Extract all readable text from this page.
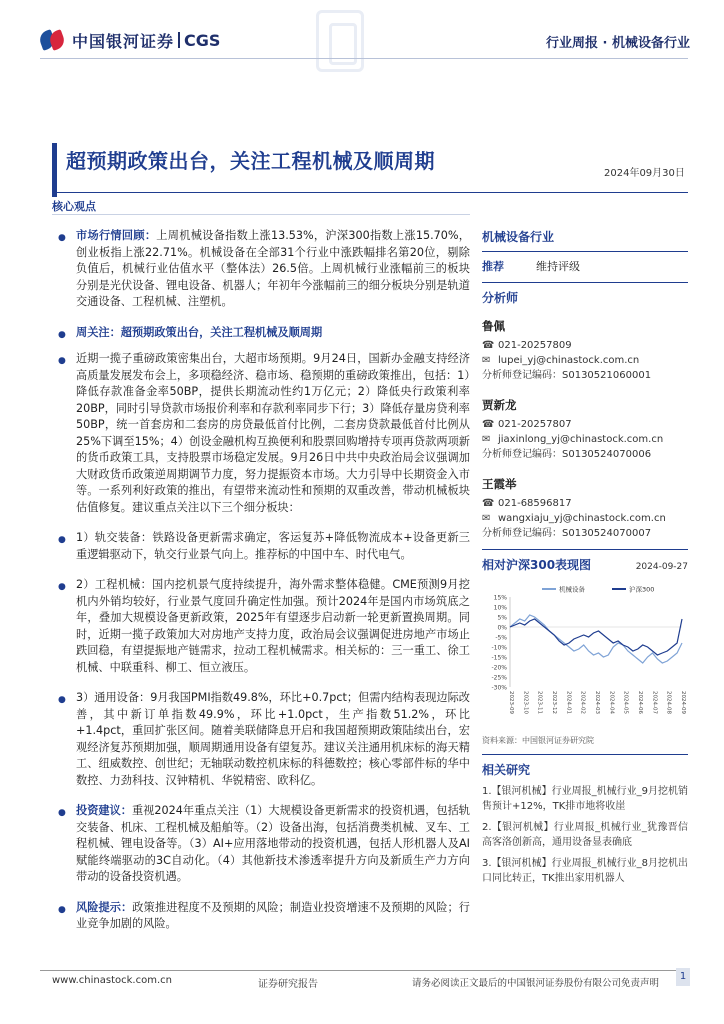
中国银河证券 CGS	行业周报 · 机械设备行业
超预期政策出台，关注工程机械及顺周期
2024年09月30日
核心观点
● 市场行情回顾：上周机械设备指数上涨13.53%，沪深300指数上涨15.70%，创业板指上涨22.71%。机械设备在全部31个行业中涨跌幅排名第20位，剔除负值后，机械行业估值水平（整体法）26.5倍。上周机械行业涨幅前三的板块分别是光伏设备、锂电设备、机器人；年初年今涨幅前三的细分板块分别是轨道交通设备、工程机械、注塑机。
● 周关注：超预期政策出台，关注工程机械及顺周期
● 近期一揽子重磅政策密集出台，大超市场预期。9月24日，国新办金融支持经济高质量发展发布会上，多项稳经济、稳市场、稳预期的重磅政策推出，包括：1）降低存款准备金率50BP，提供长期流动性约1万亿元；2）降低央行政策利率20BP，同时引导贷款市场报价利率和存款利率同步下行；3）降低存量房贷利率50BP，统一首套房和二套房的房贷最低首付比例，二套房贷款最低首付比例从25%下调至15%；4）创设金融机构互换便利和股票回购增持专项再贷款两项新的货币政策工具，支持股票市场稳定发展。9月26日中共中央政治局会议强调加大财政货币政策逆周期调节力度，努力提振资本市场。大力引导中长期资金入市等。一系列利好政策的推出，有望带来流动性和预期的双重改善，带动机械板块估值修复。建议重点关注以下三个细分板块：
● 1）轨交装备：铁路设备更新需求确定，客运复苏+降低物流成本+设备更新三重逻辑驱动下，轨交行业景气向上。推荐标的中国中车、时代电气。
● 2）工程机械：国内挖机景气度持续提升，海外需求整体稳健。CME预测9月挖机内外销均较好，行业景气度回升确定性加强。预计2024年是国内市场筑底之年，叠加大规模设备更新政策，2025年有望逐步启动新一轮更新置换周期。同时，近期一揽子政策加大对房地产支持力度，政治局会议强调促进房地产市场止跌回稳，有望提振地产链需求，拉动工程机械需求。相关标的：三一重工、徐工机械、中联重科、柳工、恒立液压。
● 3）通用设备：9月我国PMI指数49.8%，环比+0.7pct；但需内结构表现边际改善，其中新订单指数49.9%，环比+1.0pct，生产指数51.2%，环比+1.4pct，重回扩张区间。随着美联储降息开启和我国超预期政策陆续出台，宏观经济复苏预期加强，顺周期通用设备有望复苏。建议关注通用机床标的海天精工、纽威数控、创世纪；无轴联动数控机床标的科德数控；核心零部件标的华中数控、力劲科技、汉钟精机、华锐精密、欧科亿。
● 投资建议：重视2024年重点关注（1）大规模设备更新需求的投资机遇，包括轨交装备、机床、工程机械及船舶等。（2）设备出海，包括消费类机械、叉车、工程机械、锂电设备等。（3）AI+应用落地带动的投资机遇，包括人形机器人及AI赋能终端驱动的3C自动化。（4）其他新技术渗透率提升方向及新质生产力方向带动的设备投资机遇。
● 风险提示：政策推进程度不及预期的风险；制造业投资增速不及预期的风险；行业竞争加剧的风险。
机械设备行业
推荐	维持评级
分析师
鲁佩
☎ 021-20257809
✉ lupei_yj@chinastock.com.cn
分析师登记编码：S0130521060001
贾新龙
☎ 021-20257807
✉ jiaxinlong_yj@chinastock.com.cn
分析师登记编码：S0130524070006
王霞举
☎ 021-68596817
✉ wangxiaju_yj@chinastock.com.cn
分析师登记编码：S0130524070007
相对沪深300表现图	2024-09-27
15%
10%
5%
0%
-5%
-10%
-15%
-20%
-25%
-30%
2023-09 2023-10 2023-11 2023-12 2024-01 2024-02 2024-03 2024-04 2024-05 2024-06 2024-07 2024-08 2024-09
机械设备	沪深300
资料来源：中国银河证券研究院
相关研究
1.【银河机械】行业周报_机械行业_9月挖机销售预计+12%，TK排市地将收崖
2.【银河机械】行业周报_机械行业_犹豫晋信高客洛创新高，通用设备显表确底
3.【银河机械】行业周报_机械行业_8月挖机出口同比转正，TK推出家用机器人
www.chinastock.com.cn	证券研究报告	请务必阅读正文最后的中国银河证券股份有限公司免责声明
1
